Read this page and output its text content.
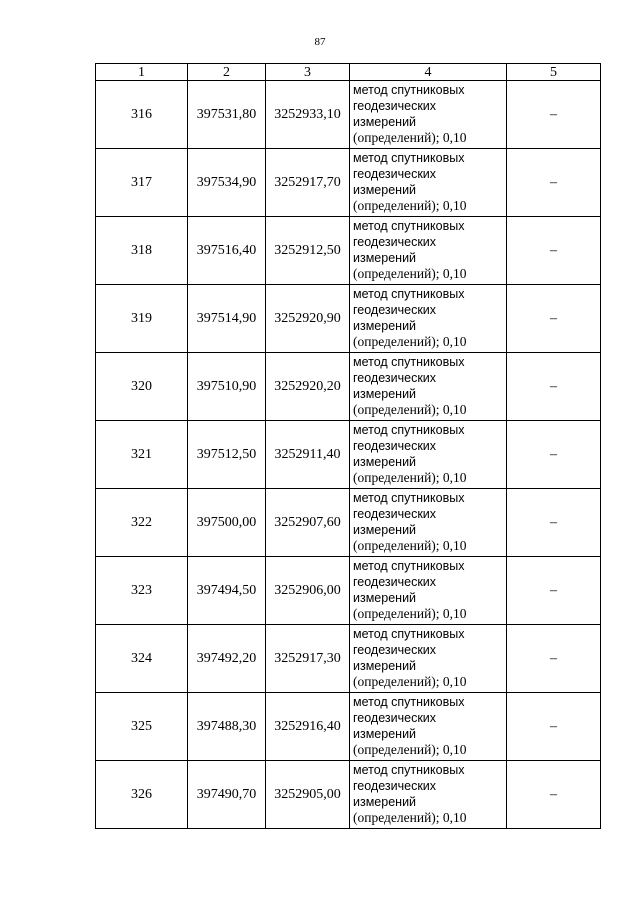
87
1	2	3	4	5
316	397531,80	3252933,10	метод спутниковых
геодезических
измерений
(определений); 0,10	–
317	397534,90	3252917,70	метод спутниковых
геодезических
измерений
(определений); 0,10	–
318	397516,40	3252912,50	метод спутниковых
геодезических
измерений
(определений); 0,10	–
319	397514,90	3252920,90	метод спутниковых
геодезических
измерений
(определений); 0,10	–
320	397510,90	3252920,20	метод спутниковых
геодезических
измерений
(определений); 0,10	–
321	397512,50	3252911,40	метод спутниковых
геодезических
измерений
(определений); 0,10	–
322	397500,00	3252907,60	метод спутниковых
геодезических
измерений
(определений); 0,10	–
323	397494,50	3252906,00	метод спутниковых
геодезических
измерений
(определений); 0,10	–
324	397492,20	3252917,30	метод спутниковых
геодезических
измерений
(определений); 0,10	–
325	397488,30	3252916,40	метод спутниковых
геодезических
измерений
(определений); 0,10	–
326	397490,70	3252905,00	метод спутниковых
геодезических
измерений
(определений); 0,10	–
